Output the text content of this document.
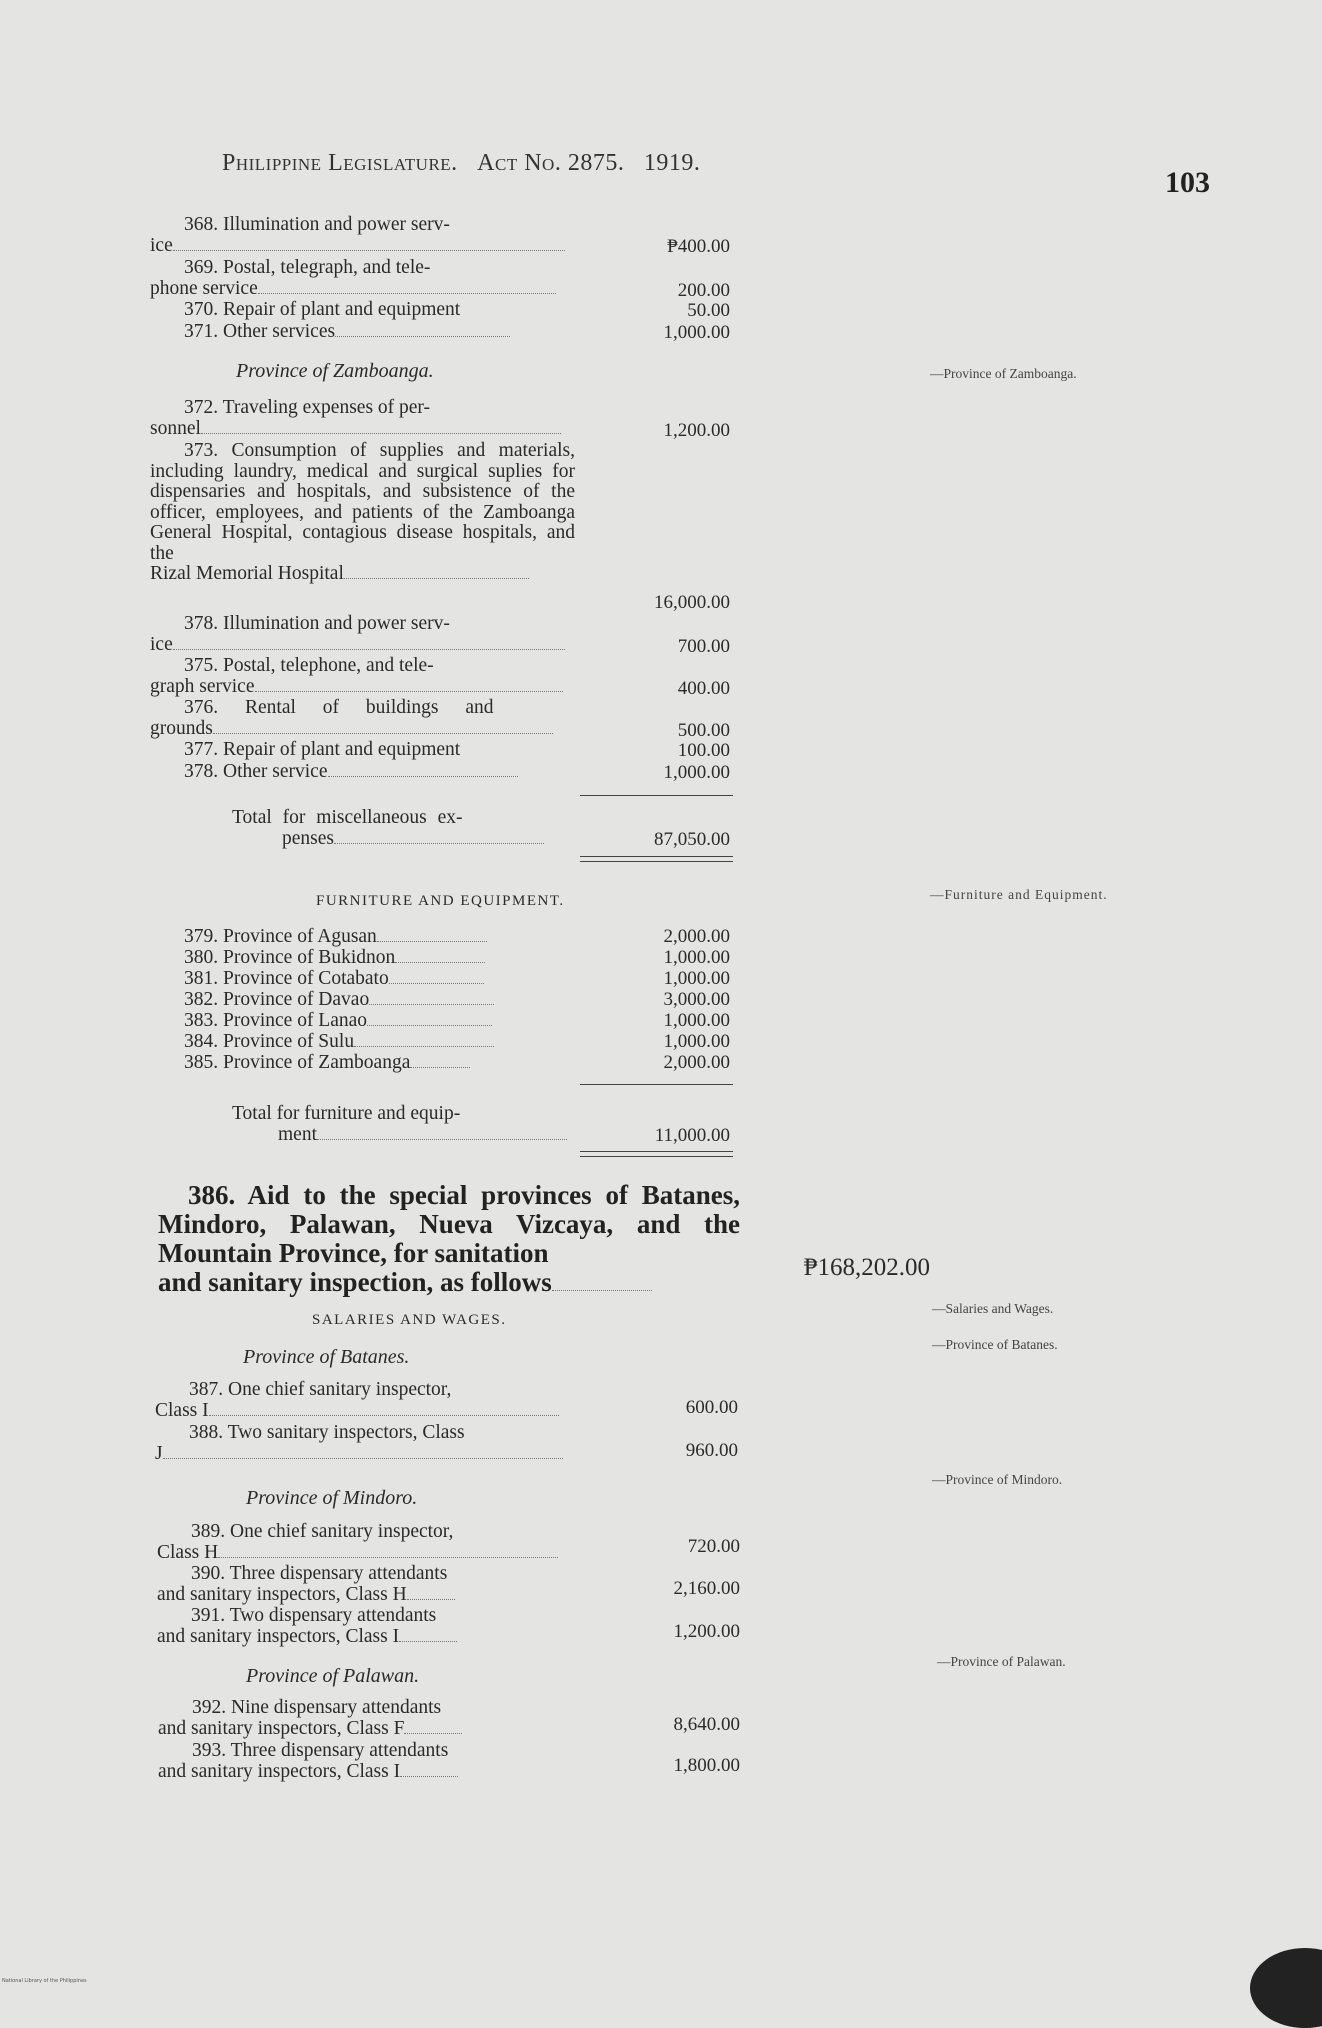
Philippine Legislature. Act No. 2875. 1919.
103
368. Illumination and power serv-
ice	₱400.00
369. Postal, telegraph, and tele-
phone service	200.00
370. Repair of plant and equipment	50.00
371. Other services	1,000.00
Province of Zamboanga.
372. Traveling expenses of per-
sonnel	1,200.00
373. Consumption of supplies and materials, including laundry, medical and surgical suplies for dispensaries and hospitals, and subsistence of the officer, employees, and patients of the Zamboanga General Hospital, contagious disease hospitals, and the
Rizal Memorial Hospital
16,000.00
378. Illumination and power serv-
ice	700.00
375. Postal, telephone, and tele-
graph service	400.00
376. Rental of buildings and
grounds	500.00
377. Repair of plant and equipment	100.00
378. Other service	1,000.00
Total for miscellaneous ex-
penses	87,050.00
FURNITURE AND EQUIPMENT.
379. Province of Agusan	2,000.00
380. Province of Bukidnon	1,000.00
381. Province of Cotabato	1,000.00
382. Province of Davao	3,000.00
383. Province of Lanao	1,000.00
384. Province of Sulu	1,000.00
385. Province of Zamboanga	2,000.00
Total for furniture and equip-
ment	11,000.00
386. Aid to the special provinces of Batanes, Mindoro, Palawan, Nueva Vizcaya, and the Mountain Province, for sanitation
and sanitary inspection, as follows	₱168,202.00
SALARIES AND WAGES.
Province of Batanes.
387. One chief sanitary inspector,
Class I	600.00
388. Two sanitary inspectors, Class
J	960.00
Province of Mindoro.
389. One chief sanitary inspector,
Class H	720.00
390. Three dispensary attendants
and sanitary inspectors, Class H	2,160.00
391. Two dispensary attendants
and sanitary inspectors, Class I	1,200.00
Province of Palawan.
392. Nine dispensary attendants
and sanitary inspectors, Class F	8,640.00
393. Three dispensary attendants
and sanitary inspectors, Class I	1,800.00
—Province of Zamboanga.
—Furniture and Equipment.
—Salaries and Wages.
—Province of Batanes.
—Province of Mindoro.
—Province of Palawan.
National Library of the Philippines
